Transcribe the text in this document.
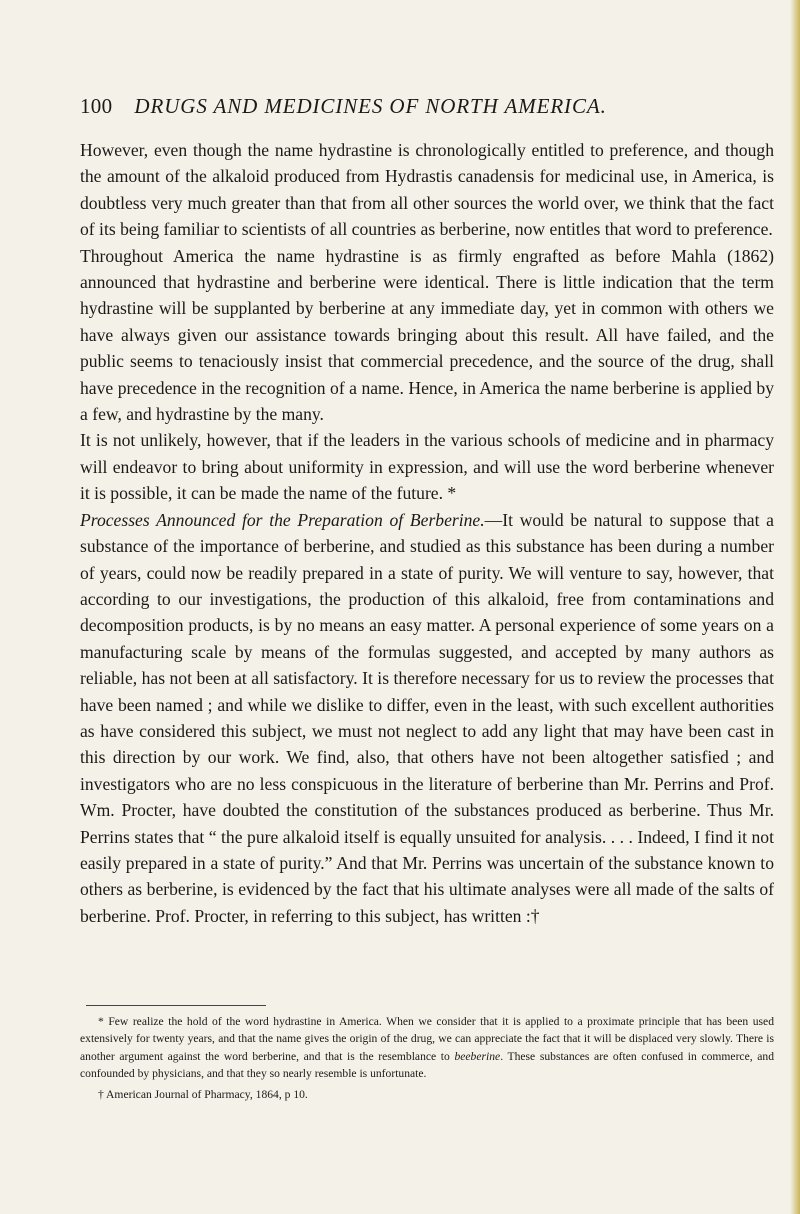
100 DRUGS AND MEDICINES OF NORTH AMERICA.

However, even though the name hydrastine is chronologically entitled to preference, and though the amount of the alkaloid produced from Hydrastis canadensis for medicinal use, in America, is doubtless very much greater than that from all other sources the world over, we think that the fact of its being familiar to scientists of all countries as berberine, now entitles that word to preference.

Throughout America the name hydrastine is as firmly engrafted as before Mahla (1862) announced that hydrastine and berberine were identical. There is little indication that the term hydrastine will be supplanted by berberine at any immediate day, yet in common with others we have always given our assistance towards bringing about this result. All have failed, and the public seems to tenaciously insist that commercial precedence, and the source of the drug, shall have precedence in the recognition of a name. Hence, in America the name berberine is applied by a few, and hydrastine by the many.

It is not unlikely, however, that if the leaders in the various schools of medicine and in pharmacy will endeavor to bring about uniformity in expression, and will use the word berberine whenever it is possible, it can be made the name of the future. *

Processes Announced for the Preparation of Berberine.—It would be natural to suppose that a substance of the importance of berberine, and studied as this substance has been during a number of years, could now be readily prepared in a state of purity. We will venture to say, however, that according to our investigations, the production of this alkaloid, free from contaminations and decomposition products, is by no means an easy matter. A personal experience of some years on a manufacturing scale by means of the formulas suggested, and accepted by many authors as reliable, has not been at all satisfactory. It is therefore necessary for us to review the processes that have been named ; and while we dislike to differ, even in the least, with such excellent authorities as have considered this subject, we must not neglect to add any light that may have been cast in this direction by our work. We find, also, that others have not been altogether satisfied ; and investigators who are no less conspicuous in the literature of berberine than Mr. Perrins and Prof. Wm. Procter, have doubted the constitution of the substances produced as berberine. Thus Mr. Perrins states that “ the pure alkaloid itself is equally unsuited for analysis. . . . Indeed, I find it not easily prepared in a state of purity.” And that Mr. Perrins was uncertain of the substance known to others as berberine, is evidenced by the fact that his ultimate analyses were all made of the salts of berberine. Prof. Procter, in referring to this subject, has written :†

* Few realize the hold of the word hydrastine in America. When we consider that it is applied to a proximate principle that has been used extensively for twenty years, and that the name gives the origin of the drug, we can appreciate the fact that it will be displaced very slowly. There is another argument against the word berberine, and that is the resemblance to beeberine. These substances are often confused in commerce, and confounded by physicians, and that they so nearly resemble is unfortunate.

† American Journal of Pharmacy, 1864, p 10.
